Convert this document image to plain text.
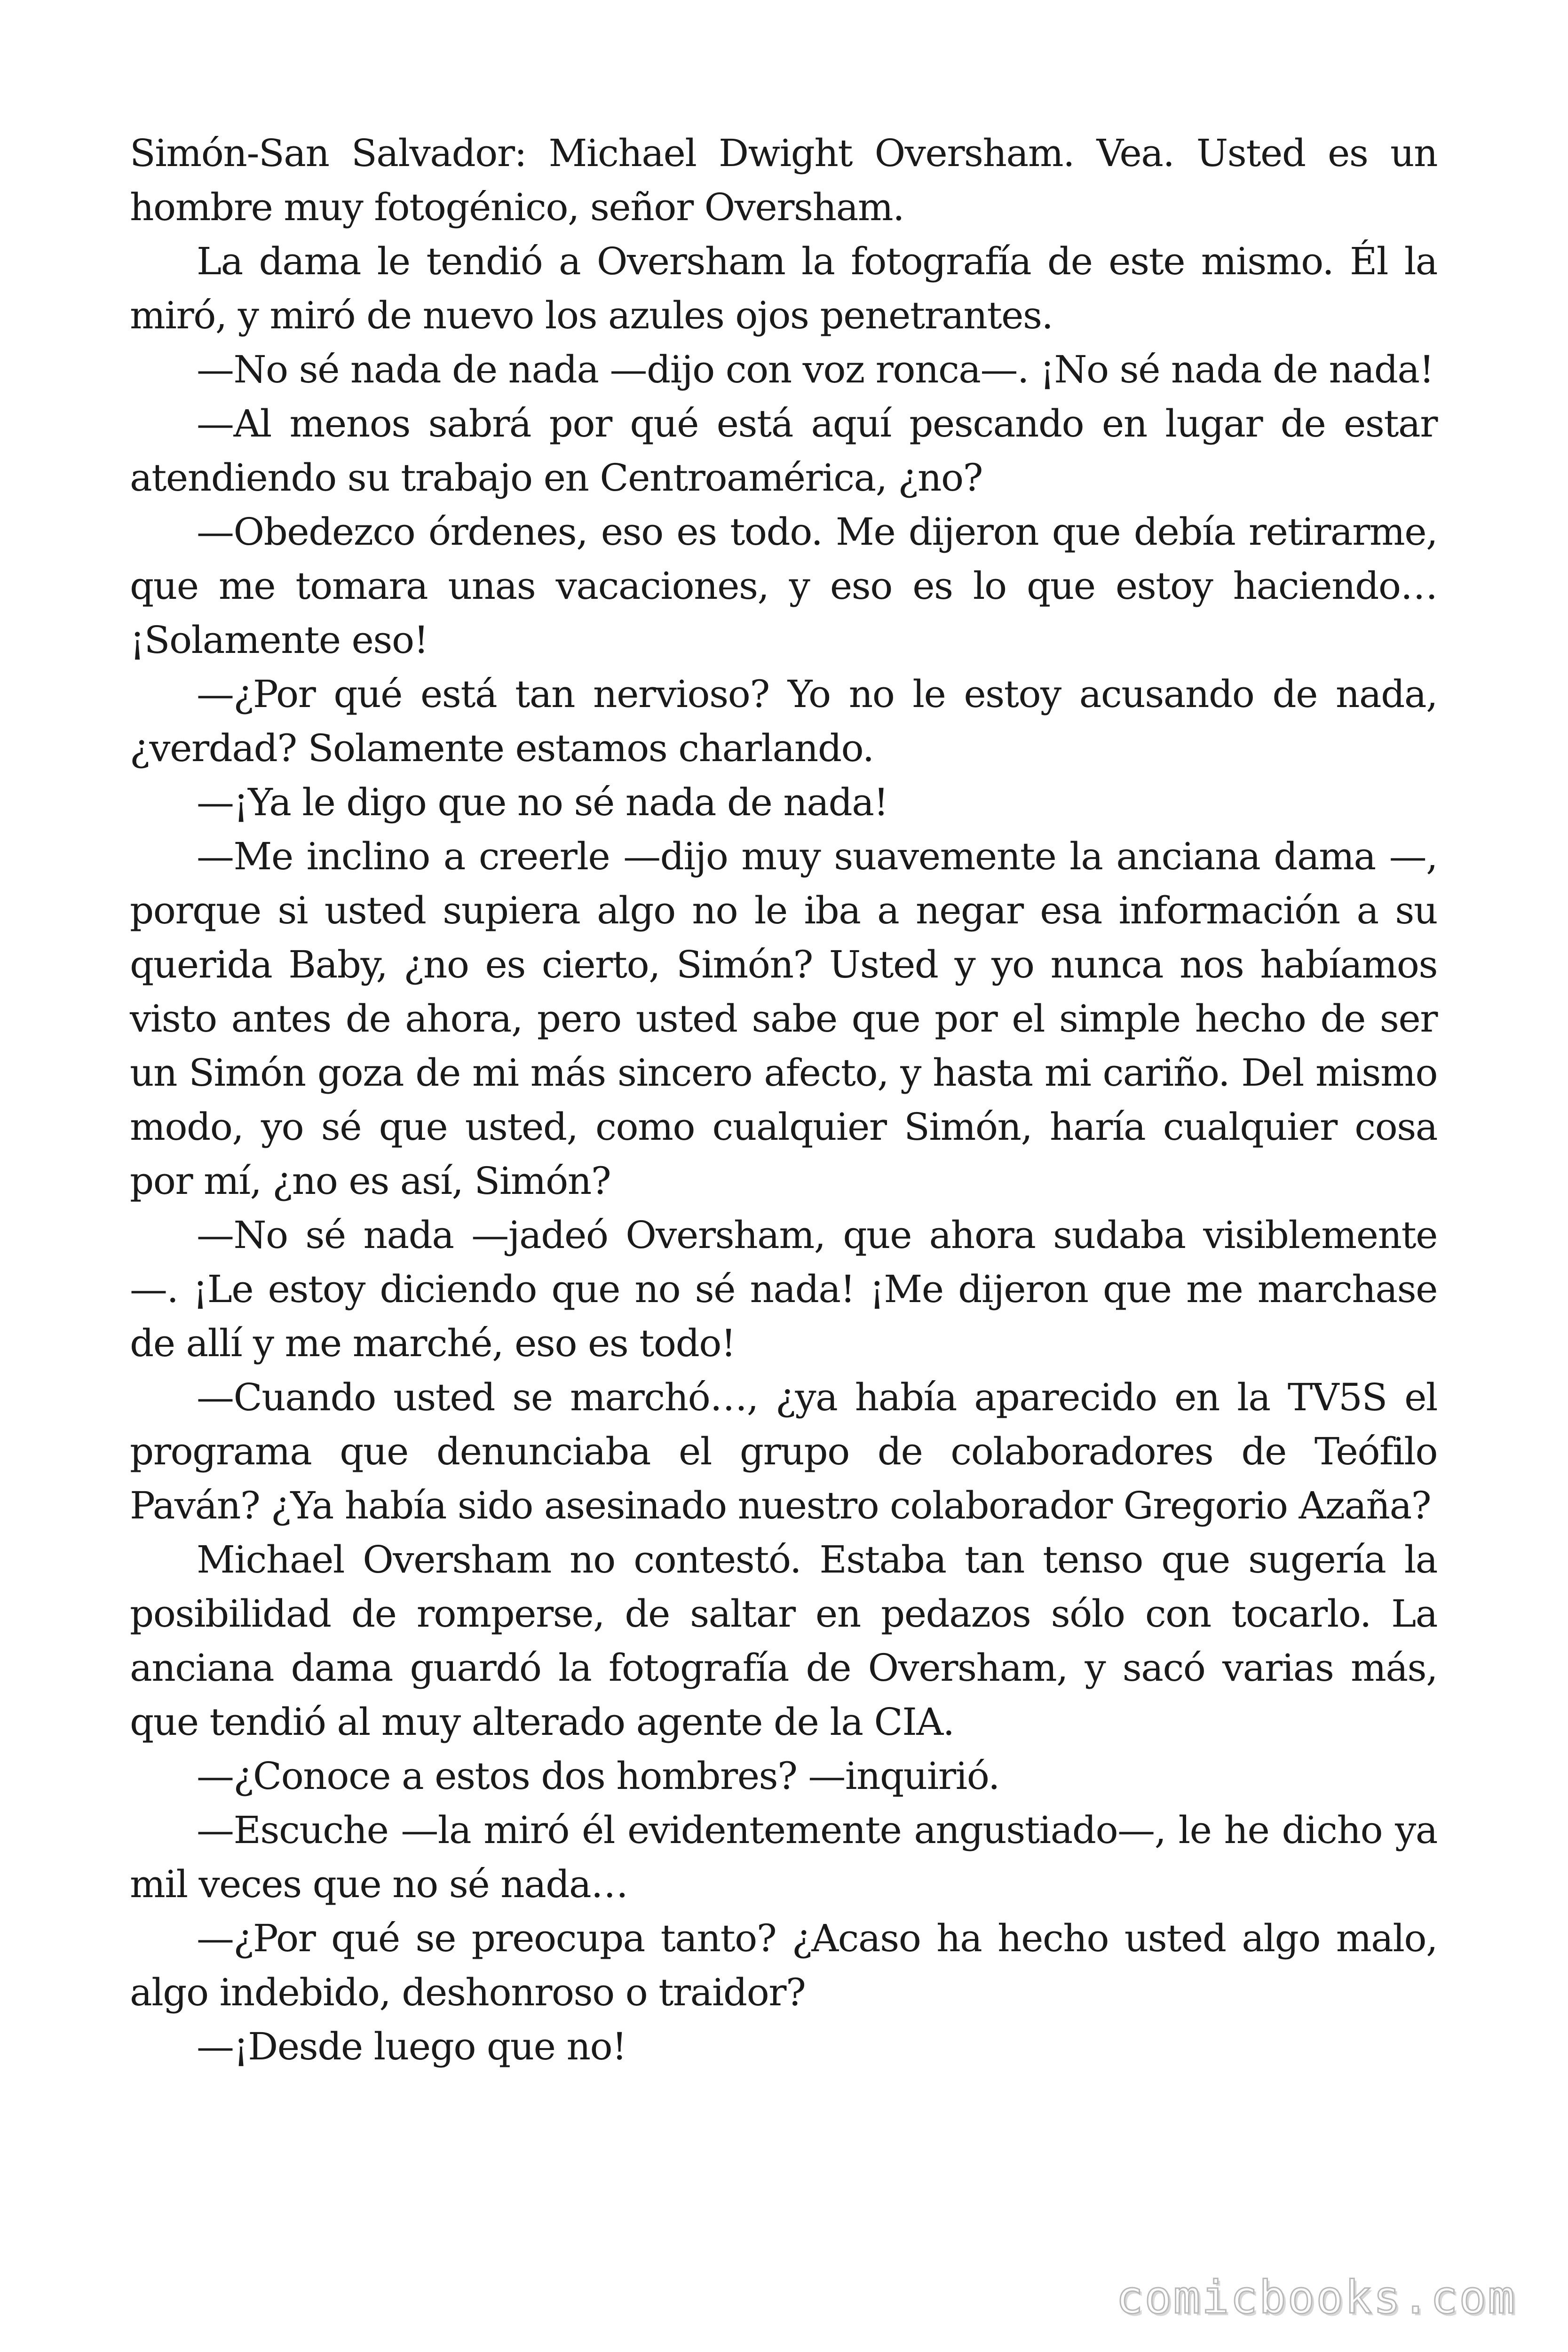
Simón-San Salvador: Michael Dwight Oversham. Vea. Usted es un hombre muy fotogénico, señor Oversham.

La dama le tendió a Oversham la fotografía de este mismo. Él la miró, y miró de nuevo los azules ojos penetrantes.

—No sé nada de nada —dijo con voz ronca—. ¡No sé nada de nada!

—Al menos sabrá por qué está aquí pescando en lugar de estar atendiendo su trabajo en Centroamérica, ¿no?

—Obedezco órdenes, eso es todo. Me dijeron que debía retirarme, que me tomara unas vacaciones, y eso es lo que estoy haciendo… ¡Solamente eso!

—¿Por qué está tan nervioso? Yo no le estoy acusando de nada, ¿verdad? Solamente estamos charlando.

—¡Ya le digo que no sé nada de nada!

—Me inclino a creerle —dijo muy suavemente la anciana dama —, porque si usted supiera algo no le iba a negar esa información a su querida Baby, ¿no es cierto, Simón? Usted y yo nunca nos habíamos visto antes de ahora, pero usted sabe que por el simple hecho de ser un Simón goza de mi más sincero afecto, y hasta mi cariño. Del mismo modo, yo sé que usted, como cualquier Simón, haría cualquier cosa por mí, ¿no es así, Simón?

—No sé nada —jadeó Oversham, que ahora sudaba visiblemente —. ¡Le estoy diciendo que no sé nada! ¡Me dijeron que me marchase de allí y me marché, eso es todo!

—Cuando usted se marchó…, ¿ya había aparecido en la TV5S el programa que denunciaba el grupo de colaboradores de Teófilo Paván? ¿Ya había sido asesinado nuestro colaborador Gregorio Azaña?

Michael Oversham no contestó. Estaba tan tenso que sugería la posibilidad de romperse, de saltar en pedazos sólo con tocarlo. La anciana dama guardó la fotografía de Oversham, y sacó varias más, que tendió al muy alterado agente de la CIA.

—¿Conoce a estos dos hombres? —inquirió.

—Escuche —la miró él evidentemente angustiado—, le he dicho ya mil veces que no sé nada…

—¿Por qué se preocupa tanto? ¿Acaso ha hecho usted algo malo, algo indebido, deshonroso o traidor?

—¡Desde luego que no!

comicbooks.com
